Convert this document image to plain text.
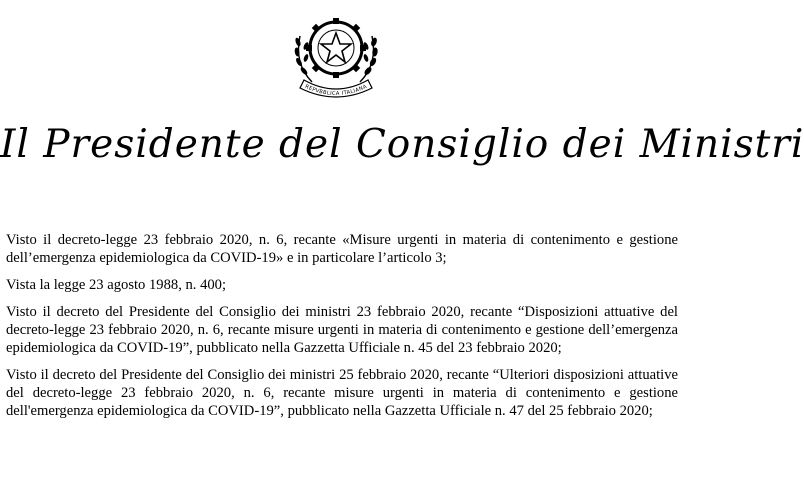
REPVBBLICA ITALIANA
Il Presidente del Consiglio dei Ministri

Visto il decreto-legge 23 febbraio 2020, n. 6, recante «Misure urgenti in materia di contenimento e gestione dell’emergenza epidemiologica da COVID-19» e in particolare l’articolo 3;

Vista la legge 23 agosto 1988, n. 400;

Visto il decreto del Presidente del Consiglio dei ministri 23 febbraio 2020, recante “Disposizioni attuative del decreto-legge 23 febbraio 2020, n. 6, recante misure urgenti in materia di contenimento e gestione dell’emergenza epidemiologica da COVID-19”, pubblicato nella Gazzetta Ufficiale n. 45 del 23 febbraio 2020;

Visto il decreto del Presidente del Consiglio dei ministri 25 febbraio 2020, recante “Ulteriori disposizioni attuative del decreto-legge 23 febbraio 2020, n. 6, recante misure urgenti in materia di contenimento e gestione dell'emergenza epidemiologica da COVID-19”, pubblicato nella Gazzetta Ufficiale n. 47 del 25 febbraio 2020;
